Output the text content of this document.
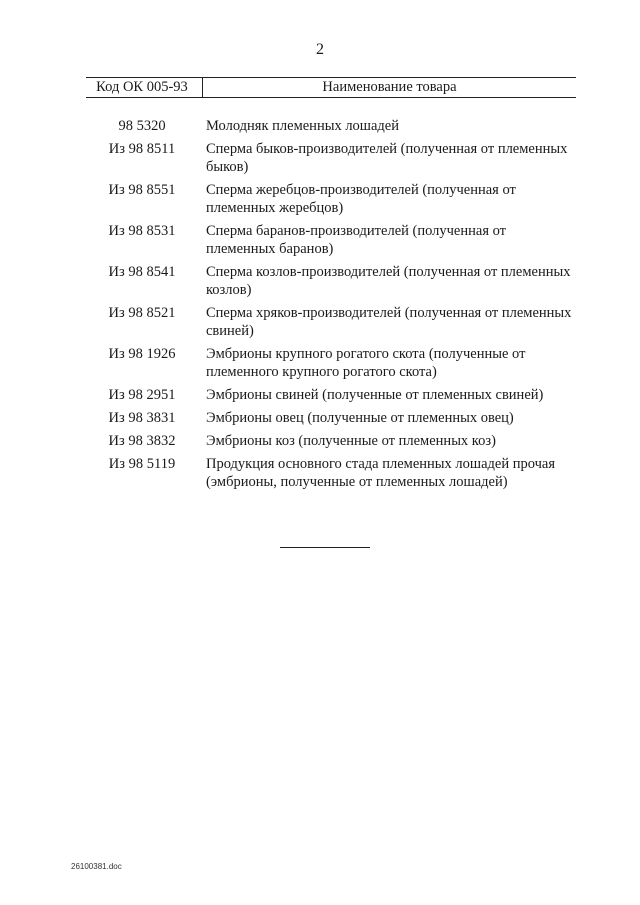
2
Код ОК 005-93	Наименование товара
98 5320	Молодняк племенных лошадей
Из 98 8511	Сперма быков-производителей (полученная от племенных быков)
Из 98 8551	Сперма жеребцов-производителей (полученная от племенных жеребцов)
Из 98 8531	Сперма баранов-производителей (полученная от племенных баранов)
Из 98 8541	Сперма козлов-производителей (полученная от племенных козлов)
Из 98 8521	Сперма хряков-производителей (полученная от племенных свиней)
Из 98 1926	Эмбрионы крупного рогатого скота (полученные от племенного крупного рогатого скота)
Из 98 2951	Эмбрионы свиней (полученные от племенных свиней)
Из 98 3831	Эмбрионы овец (полученные от племенных овец)
Из 98 3832	Эмбрионы коз (полученные от племенных коз)
Из 98 5119	Продукция основного стада племенных лошадей прочая (эмбрионы, полученные от племенных лошадей)
26100381.doc
